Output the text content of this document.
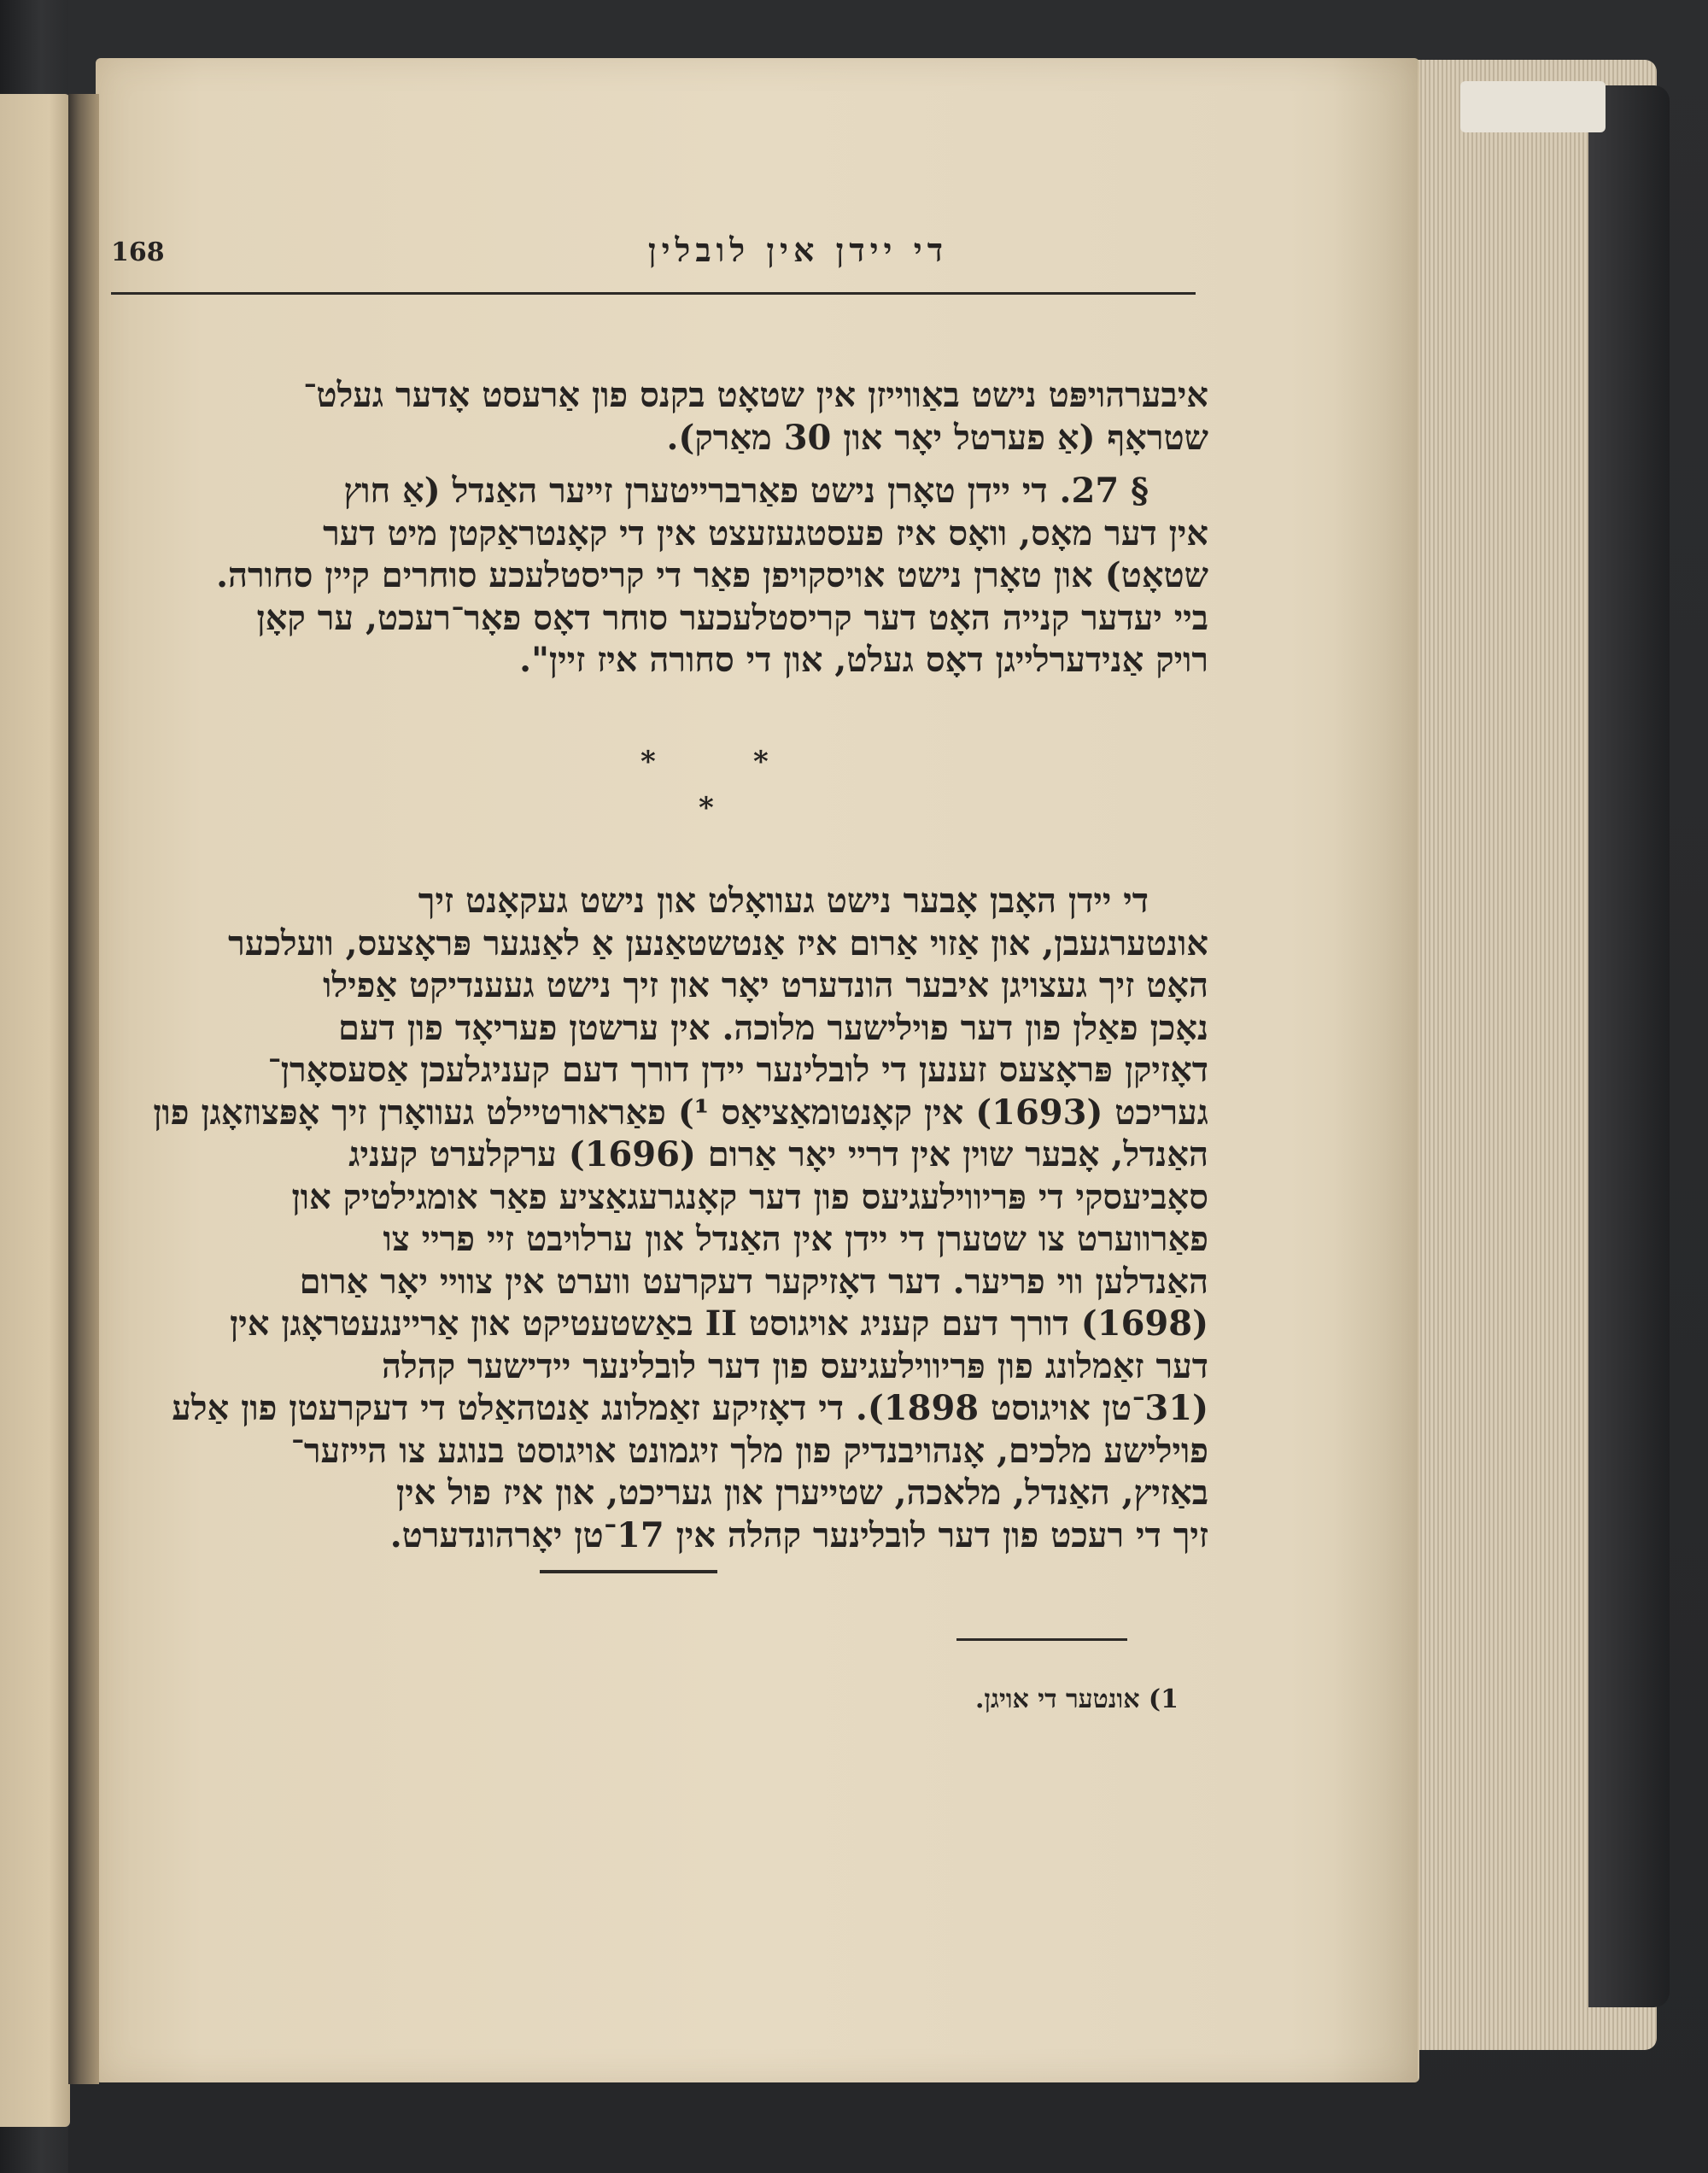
168	די יידן אין לובלין

איבערהויפּט נישט באַווייזן אין שטאָט בקנס פון אַרעסט אָדער געלט־

שטראָף (אַ פערטל יאָר און 30 מאַרק).

§ 27. די יידן טאָרן נישט פאַרברייטערן זייער האַנדל (אַ חוץ

אין דער מאָס, וואָס איז פעסטגעזעצט אין די קאָנטראַקטן מיט דער

שטאָט) און טאָרן נישט אויסקויפן פאַר די קריסטלעכע סוחרים קיין סחורה.

ביי יעדער קנייה האָט דער קריסטלעכער סוחר דאָס פאָר־רעכט, ער קאָן

רויק אַנידערלייגן דאָס געלט, און די סחורה איז זיין".

*	*
*

די יידן האָבן אָבער נישט געוואָלט און נישט געקאָנט זיך

אונטערגעבן, און אַזוי אַרום איז אַנטשטאַנען אַ לאַנגער פּראָצעס, וועלכער

האָט זיך געצויגן איבער הונדערט יאָר און זיך נישט געענדיקט אַפילו

נאָכן פאַלן פון דער פוילישער מלוכה. אין ערשטן פעריאָד פון דעם

דאָזיקן פּראָצעס זענען די לובלינער יידן דורך דעם קעניגלעכן אַסעסאָרן־

געריכט (1693) אין קאָנטומאַציאַס ¹) פאַראורטיילט געוואָרן זיך אָפּצוזאָגן פון

האַנדל, אָבער שוין אין דריי יאָר אַרום (1696) ערקלערט קעניג

סאָביעסקי די פּריווילעגיעס פון דער קאָנגרעגאַציע פאַר אומגילטיק און

פאַרווערט צו שטערן די יידן אין האַנדל און ערלויבט זיי פריי צו

האַנדלען ווי פריער. דער דאָזיקער דעקרעט ווערט אין צוויי יאָר אַרום

(1698) דורך דעם קעניג אויגוסט II באַשטעטיקט און אַריינגעטראָגן אין

דער זאַמלונג פון פּריווילעגיעס פון דער לובלינער יידישער קהלה

(31־טן אויגוסט 1898). די דאָזיקע זאַמלונג אַנטהאַלט די דעקרעטן פון אַלע

פוילישע מלכים, אָנהויבנדיק פון מלך זיגמונט אויגוסט בנוגע צו הייזער־

באַזיץ, האַנדל, מלאכה, שטייערן און געריכט, און איז פול אין

זיך די רעכט פון דער לובלינער קהלה אין 17־טן יאָרהונדערט.

1) אונטער די אויגן.
